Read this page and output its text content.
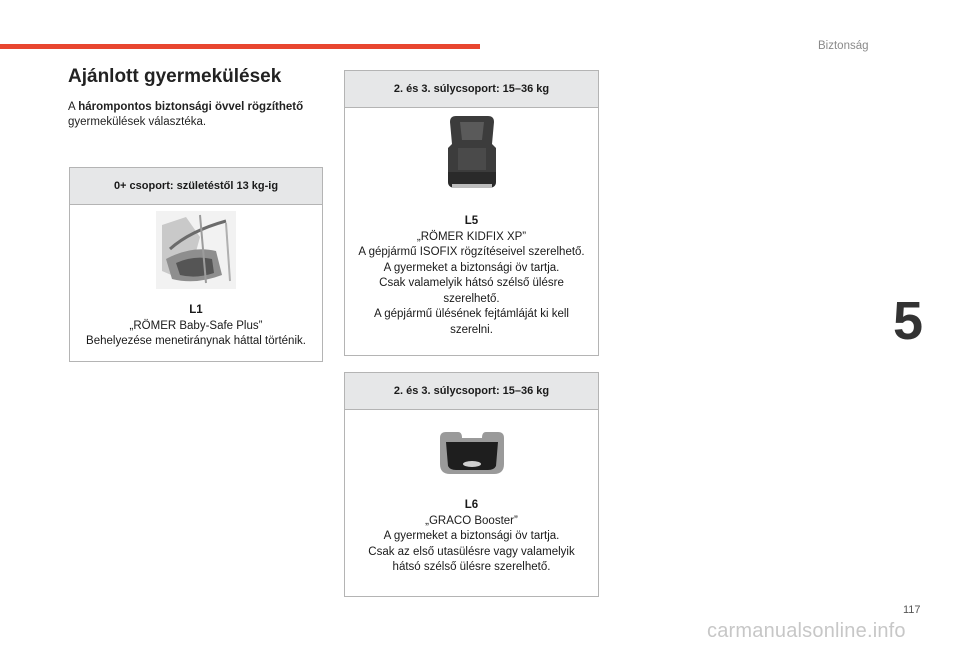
Biztonság
5
Ajánlott gyermekülések
A hárompontos biztonsági övvel rögzíthető gyermekülések választéka.
0+ csoport: születéstől 13 kg-ig
L1
„RÖMER Baby-Safe Plus”
Behelyezése menetiránynak háttal történik.
2. és 3. súlycsoport: 15–36 kg
L5
„RÖMER KIDFIX XP”
A gépjármű ISOFIX rögzítéseivel szerelhető.
A gyermeket a biztonsági öv tartja.
Csak valamelyik hátsó szélső ülésre
szerelhető.
A gépjármű ülésének fejtámláját ki kell
szerelni.
2. és 3. súlycsoport: 15–36 kg
L6
„GRACO Booster”
A gyermeket a biztonsági öv tartja.
Csak az első utasülésre vagy valamelyik
hátsó szélső ülésre szerelhető.
117
carmanualsonline.info
